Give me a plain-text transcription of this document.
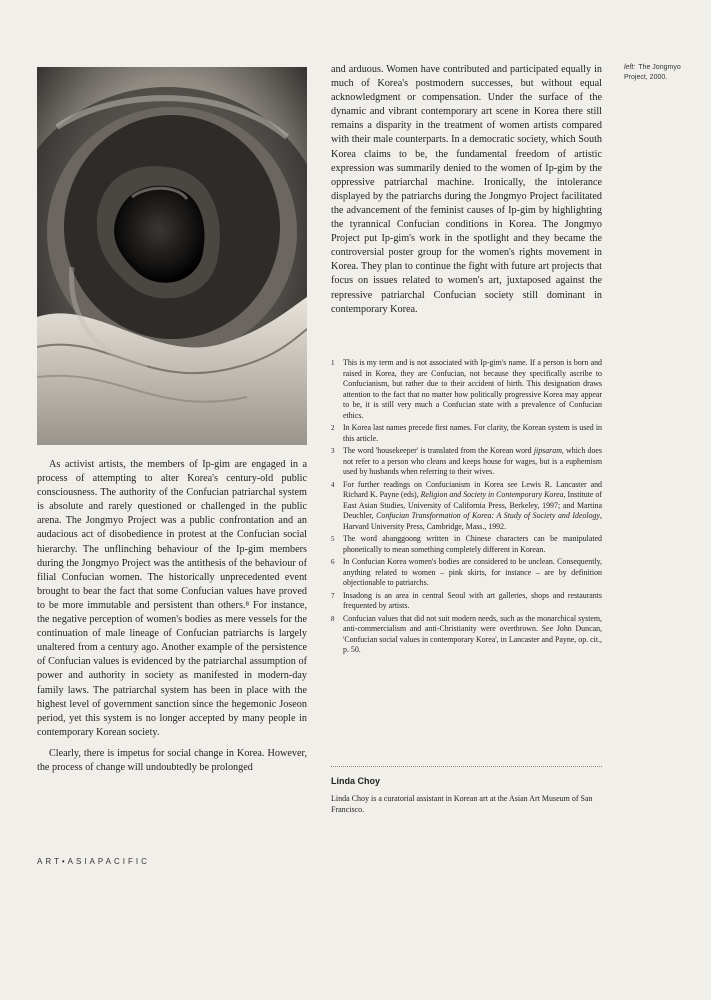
left: The Jongmyo Project, 2000.

As activist artists, the members of Ip-gim are engaged in a process of attempting to alter Korea's century-old public consciousness. The authority of the Confucian patriarchal system is absolute and rarely questioned or challenged in the public arena. The Jongmyo Project was a public confrontation and an audacious act of disobedience in protest at the Confucian social hierarchy. The unflinching behaviour of the Ip-gim members during the Jongmyo Project was the antithesis of the behaviour of filial Confucian women. The historically unprecedented event brought to bear the fact that some Confucian values have proved to be more immutable and persistent than others.⁸ For instance, the negative perception of women's bodies as mere vessels for the continuation of male lineage of Confucian patriarchs is largely unaltered from a century ago. Another example of the persistence of Confucian values is evidenced by the patriarchal assumption of power and authority in society as manifested in modern-day family laws. The patriarchal system has been in place with the highest level of government sanction since the hegemonic Joseon period, yet this system is no longer accepted by many people in contemporary Korean society.

Clearly, there is impetus for social change in Korea. However, the process of change will undoubtedly be prolonged

and arduous. Women have contributed and participated equally in much of Korea's postmodern successes, but without equal acknowledgment or compensation. Under the surface of the dynamic and vibrant contemporary art scene in Korea there still remains a disparity in the treatment of women artists compared with their male counterparts. In a democratic society, which South Korea claims to be, the fundamental freedom of artistic expression was summarily denied to the women of Ip-gim by the oppressive patriarchal machine. Ironically, the intolerance displayed by the patriarchs during the Jongmyo Project facilitated the advancement of the feminist causes of Ip-gim by highlighting the tyrannical Confucian conditions in Korea. The Jongmyo Project put Ip-gim's work in the spotlight and they became the controversial poster group for the women's rights movement in Korea. They plan to continue the fight with future art projects that focus on issues related to women's art, juxtaposed against the repressive patriarchal Confucian society still dominant in contemporary Korea.

1 This is my term and is not associated with Ip-gim's name. If a person is born and raised in Korea, they are Confucian, not because they specifically ascribe to Confucianism, but rather due to their accident of birth. This designation draws attention to the fact that no matter how politically progressive Korea may appear to be, it is still very much a Confucian state with a prevalence of Confucian ethics.
2 In Korea last names precede first names. For clarity, the Korean system is used in this article.
3 The word 'housekeeper' is translated from the Korean word jipsaram, which does not refer to a person who cleans and keeps house for wages, but is a euphemism used by husbands when referring to their wives.
4 For further readings on Confucianism in Korea see Lewis R. Lancaster and Richard K. Payne (eds), Religion and Society in Contemporary Korea, Institute of East Asian Studies, University of California Press, Berkeley, 1997; and Martina Deuchler, Confucian Transformation of Korea: A Study of Society and Ideology, Harvard University Press, Cambridge, Mass., 1992.
5 The word abanggoong written in Chinese characters can be manipulated phonetically to mean something completely different in Korean.
6 In Confucian Korea women's bodies are considered to be unclean. Consequently, anything related to women – pink skirts, for instance – are by definition objectionable to patriarchs.
7 Insadong is an area in central Seoul with art galleries, shops and restaurants frequented by artists.
8 Confucian values that did not suit modern needs, such as the monarchical system, anti-commercialism and anti-Christianity were overthrown. See John Duncan, 'Confucian social values in contemporary Korea', in Lancaster and Payne, op. cit., p. 50.
Linda Choy
Linda Choy is a curatorial assistant in Korean art at the Asian Art Museum of San Francisco.
ART•ASIAPACIFIC
